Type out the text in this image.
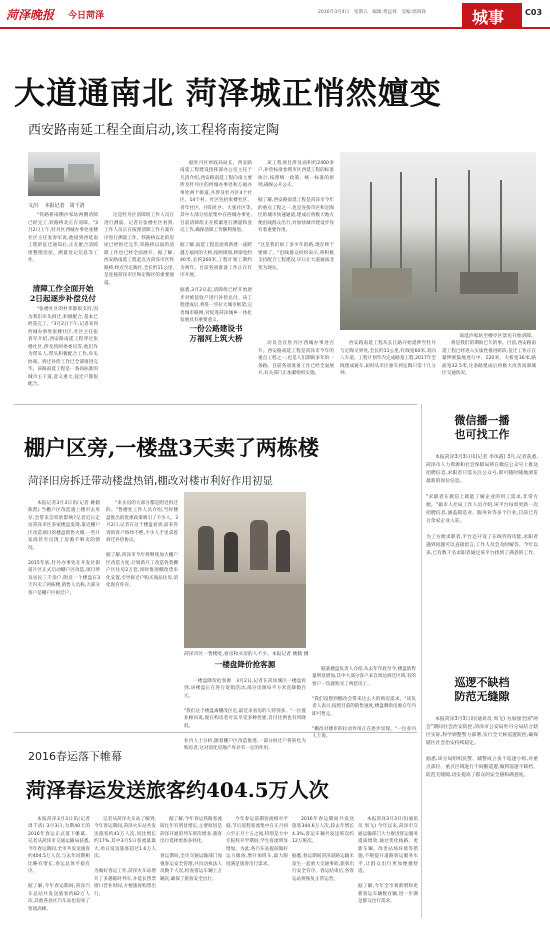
菏泽晚报 今日菏泽	2016年3月4日　星期五　编辑:黄远烽　美编:郭再锋	城事	C03
大道通南北 菏泽城正悄然嬗变
西安路南延工程全面启动,该工程将南接定陶
文/片　本报记者　周千清

"铁路桥南侧沙家坊两侧清障已经完工,铁路桥北正在清障。"3月2日上午,牡丹区西城办事处张楼社区主任张春军说,他接到西延南工程的征迁通知后,正在配合清障组整理房屋、测量登记信息等工作。

清障工作全面开始
2日起逐步补偿兑付

"张楼社区的村邻都很支持,因为我们牵头拆迁,积极配合,基本已经签完了。"3月2日下午,记者来到西城办事处张楼社区,社区主任张春军介绍,西安路南延工程穿过张楼社区,涉及到两委委员等,他们作为带头人,带头积极配合工作,牵头协商、拆迁补偿工作已全部推进完毕。该路南延工程是一条高标准的城市主干道,意义重大,征迁户都很配合。

这是牡丹区清障组工作人员在进行测量。记者在张楼社区看到,工作人员正在按照清障工作方案有序进行测量工作。铁路桥以北的房屋已经拆迁完毕,铁路桥以南的清障工作也已经全面展开。据了解,西安路南延工程起点为菏泽市区铁路桥,终点至定陶区,全长约11公里,是连接菏泽市区和定陶区的重要通道。

据牡丹区财政局局长、西安路南延工程建设指挥部办公室主任于凡清介绍,西安路南延工程向南主要涉及牡丹区的西城办事处和万福办事处两个街道,共涉及牡丹区4个社区、14个村。社区包括张楼社区、青年社区、丹阳社区、大张社区等,其中大部分房屋集中在西城办事处,目前清障组正在抓紧进行测量和登记工作,确保清障工作顺利推进。

据了解,南延工程沿途将新建一座跨越万福河的大桥,按照规划,桥梁宽约40米,长约260米,工程计划工期约为两年。目前各项准备工作正在有序开展。

据悉,3月2日起,清障组已经开始逐步对被征收户进行补偿兑付。该工程建成后,将进一步拉大城市框架,完善城市路网,对促进菏泽城乡一体化发展具有重要意义。

该工程项目涉及面积约2400多户,补偿标准参照市区西延工程的标准执行,按照统一政策、统一标准的原则,确保公开公正。

据了解,西安路南延工程是菏泽市今年的重点工程之一,也是连接市区和定陶区的城市快速通道,建成后将极大地方便沿线群众出行,对加快城市建设步伐有着重要作用。

"这是我们盼了多少年的路,现在终于要修了。"沿线群众纷纷表示,将积极支持配合工程建设,早日让大道通南北变为现实。

一份公路建设书
万福河上筑大桥	南延沙家坊至楼亭区景民开始清障。

动员会在牡丹区西城办事处召开。西安路南延工程是菏泽市今年的重点工程之一,也是人们期盼多年的一条路。目前各项准备工作已经全面展开,有关部门正加紧组织实施。

西安路南延工程从长江路开始延伸至牡丹与定陶交界处,全长约11公里,红线宽60米,双向八车道。工程计划年内完成路基工程,2017年全线建成通车,届时从市区驱车到定陶只需十几分钟。

将是我们的期盼已久的事。目前,西安路南延工程已经进入实质性推进阶段,征迁工作正在紧锣密鼓地进行中。120米、大桥宽36米,路面宽32.5米,这条路建成后将极大改善南部城区交通状况。

棚户区旁,一楼盘3天卖了两栋楼
菏泽旧房拆迁带动楼盘热销,棚改对楼市利好作用初显

本报记者3月3日讯(记者 姚鹤 陈凯) 当棚户区改造遇上楼市去库存,会带来怎样的影响?记者近日走访菏泽市区多家楼盘发现,靠近棚户区改造项目的楼盘销售火爆,一些开发商甚至出现了房源不够卖的情况。

2015年底,牡丹办事处在开发区街道片区正式启动棚户区改造,项目涉及居民三千余户,附近一个楼盘在3天内卖了两栋楼,销售人员称,大部分客户是棚户区拆迁户。

"来买房的大部分都是附近拆迁的。"售楼处工作人员介绍,当时楼盘推出的优惠政策吸引了不少人。3月2日,记者在这个楼盘看到,前来咨询的客户络绎不绝,不少人手里拿着拆迁补偿协议。

据了解,菏泽市今年将继续加大棚户区改造力度,计划新开工改造各类棚户区住房2万套,同时推进棚改货币化安置,引导拆迁户购买商品住房,消化现有库存。

菏泽市区一售楼处,看房和买房的人不少。本报记者 姚鹤 摄
一楼盘降价抢客源

一楼盘降价抢客源　3月2日,记者在菏泽城区一楼盘看到,该楼盘正在进行促销活动,部分房源每平方米直降数百元。

"我们这个楼盘离棚改区近,最近来看房的人特别多。"一位置业顾问说,现在购房者可以享受多种优惠,首付比例也有所降低。

业内人士分析,随着棚户区改造推进,一部分拆迁户将转化为购房者,这对消化房地产库存有一定的作用。

据某楼盘负责人介绍,从去年年底至今,楼盘销售量明显增加,其中大部分客户来自周边拆迁区域,有的客户一次就购买了两套房子。

"我们没想到棚改会带来这么大的购房需求。"该负责人表示,按照目前的销售速度,楼盘剩余房源在年内即可售完。

"棚改对楼市的拉动作用正在逐步显现。"一位业内人士说。

微信播一播
也可找工作

本报菏泽3月3日讯(记者 李凤霞) 3月,记者获悉,菏泽市人力资源和社会保障局将在微信公众号上推送招聘信息,求职者只需关注公众号,即可随时随地浏览最新的岗位信息。

"求职者在微信上就能了解企业的用工需求,非常方便。"据市人社局工作人员介绍,该平台每周更新一次招聘信息,涵盖制造业、服务业等多个行业,目前已有百余家企业入驻。

为了方便求职者,平台还开设了在线咨询功能,求职者遇到问题可以直接留言,工作人员会及时解答。今年以来,已有数千名求职者通过该平台找到了满意的工作。

巡逻不缺档
防范无缝隙

本报菏泽3月3日讯(通讯员 周飞) 为加强全国"两会"期间社会治安防控,菏泽市公安局牡丹分局结合辖区实际,科学调整警力部署,实行全天候巡逻防控,确保辖区社会治安持续稳定。

据悉,该分局组织民警、辅警成立多个巡逻小组,对重点部位、重点区域进行不间断巡逻,做到巡逻不缺档、防范无缝隙,切实提高了群众的安全感和满意度。

2016春运落下帷幕
菏泽春运发送旅客约404.5万人次

本报菏泽3月3日讯(记者 周千清) 3月3日,为期40天的2016年春运正式落下帷幕。记者从菏泽市交通运输局获悉,今年春运期间,全市共发送旅客约404.5万人次,与去年同期相比略有增长,春运总体平稳有序。

据了解,今年春运期间,菏泽汽车总站共发送旅客约82万人次,其他各县区汽车站也迎来了客流高峰。

记者从菏泽火车站了解到,今年春运期间,菏泽火车站共发送旅客约41万人次,同比增长约17%,其中3月5日客流量最大,单日发送旅客超过1.6万人次。

为做好春运工作,菏泽火车站增开了多趟临时列车,并延长售票窗口营业时间,方便旅客购票出行。

据了解,今年春运铁路客流较往年有明显增长,主要原因是菏泽开通的列车班次增多,旅客出行选择更加多样化。

春运期间,全市交通运输部门加强客运安全管理,共出动执法人员数千人次,检查客运车辆上万辆次,确保了旅客安全出行。

今年春运前期客流相对平稳,节后返程客流集中在正月初六至正月十五之间,特别是大中专院校开学期间,学生客流明显增加。为此,各汽车站提前做好运力储备,增开加班车,最大限度满足旅客出行需求。

2016年春运期间共发送旅客344.6万人次,较去年增长4.3%,客运车辆共发送班次约12万班次。

据悉,春运期间菏泽道路运输未发生一起重大交通事故,旅客出行安全有序。春运结束后,各客运站将恢复正常运营。

本报菏泽3月3日讯(通讯员 周飞) 今年以来,菏泽市交通运输部门大力推进客运服务提质增效,通过优化线路、更新车辆、改善站场环境等措施,不断提升道路客运服务水平,让群众出行更加便捷舒适。

据了解,今年全市将新增和更新客运车辆数百辆,进一步满足群众出行需求。
